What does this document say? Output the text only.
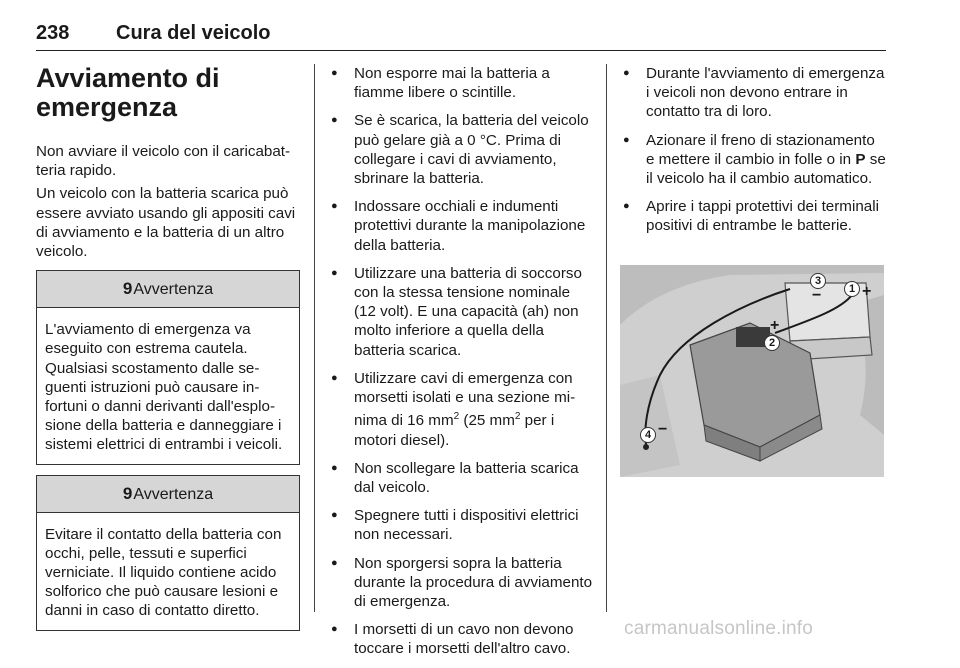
238 Cura del veicolo
Avviamento di emergenza

Non avviare il veicolo con il caricabatteria rapido.

Un veicolo con la batteria scarica può essere avviato usando gli appositi cavi di avviamento e la batteria di un altro veicolo.

9Avvertenza
L'avviamento di emergenza va eseguito con estrema cautela. Qualsiasi scostamento dalle seguenti istruzioni può causare infortuni o danni derivanti dall'esplosione della batteria e danneggiare i sistemi elettrici di entrambi i veicoli.
9Avvertenza
Evitare il contatto della batteria con occhi, pelle, tessuti e superfici verniciate. Il liquido contiene acido solforico che può causare lesioni e danni in caso di contatto diretto.
● Non esporre mai la batteria a fiamme libere o scintille.
● Se è scarica, la batteria del veicolo può gelare già a 0 °C. Prima di collegare i cavi di avviamento, sbrinare la batteria.
● Indossare occhiali e indumenti protettivi durante la manipolazione della batteria.
● Utilizzare una batteria di soccorso con la stessa tensione nominale (12 volt). E una capacità (ah) non molto inferiore a quella della batteria scarica.
● Utilizzare cavi di emergenza con morsetti isolati e una sezione minima di 16 $mm^2$ (25 $mm^2$ per i motori diesel).
● Non scollegare la batteria scarica dal veicolo.
● Spegnere tutti i dispositivi elettrici non necessari.
● Non sporgersi sopra la batteria durante la procedura di avviamento di emergenza.
● I morsetti di un cavo non devono toccare i morsetti dell'altro cavo.
● Durante l'avviamento di emergenza i veicoli non devono entrare in contatto tra di loro.
● Azionare il freno di stazionamento e mettere il cambio in folle o in P se il veicolo ha il cambio automatico.
● Aprire i tappi protettivi dei terminali positivi di entrambe le batterie.
1 +
3
−
+
2
4 −
carmanualsonline.info
